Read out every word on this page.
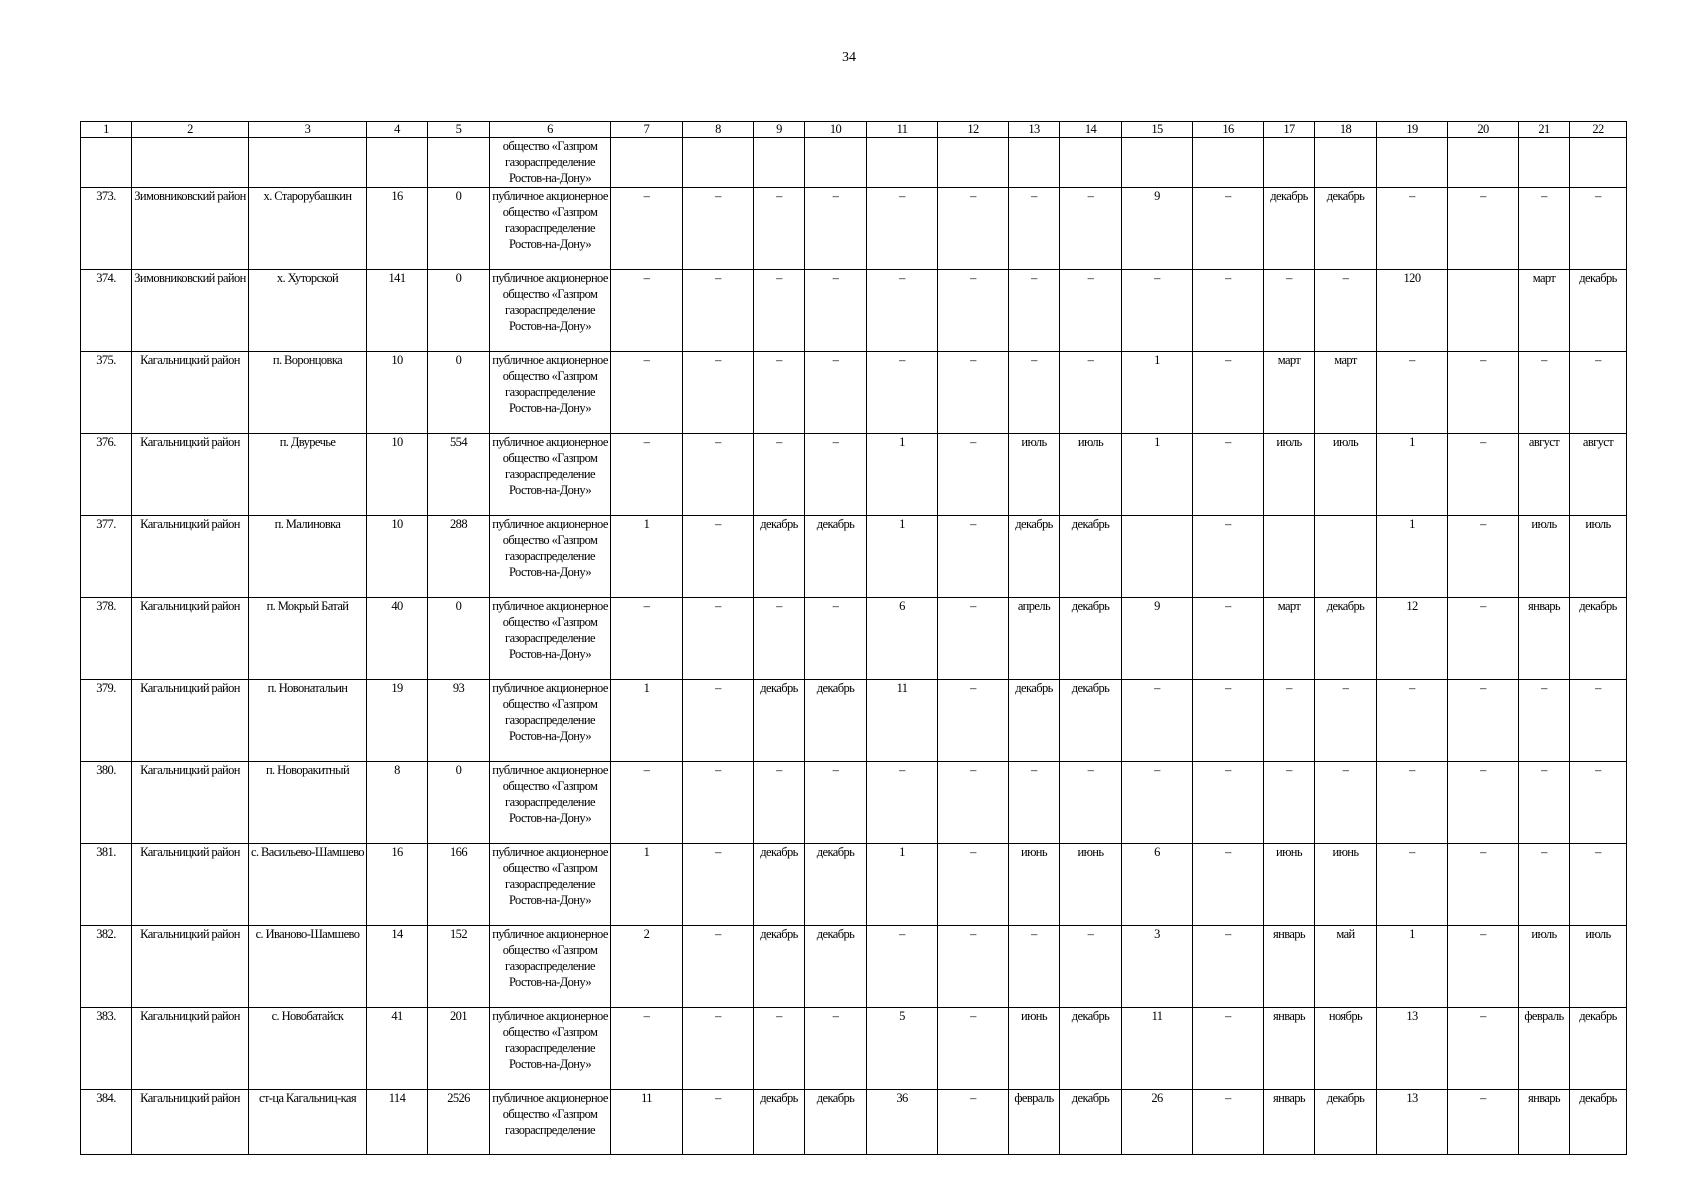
34
1	2	3	4	5	6	7	8	9	10	11	12	13	14	15	16	17	18	19	20	21	22
					общество «Газпром газораспределение Ростов-на-Дону»																
373.	Зимовниковский район	х. Старорубашкин	16	0	публичное акционерное общество «Газпром газораспределение Ростов-на-Дону»	–	–	–	–	–	–	–	–	9	–	декабрь	декабрь	–	–	–	–
374.	Зимовниковский район	х. Хуторской	141	0	публичное акционерное общество «Газпром газораспределение Ростов-на-Дону»	–	–	–	–	–	–	–	–	–	–	–	–	120		март	декабрь
375.	Кагальницкий район	п. Воронцовка	10	0	публичное акционерное общество «Газпром газораспределение Ростов-на-Дону»	–	–	–	–	–	–	–	–	1	–	март	март	–	–	–	–
376.	Кагальницкий район	п. Двуречье	10	554	публичное акционерное общество «Газпром газораспределение Ростов-на-Дону»	–	–	–	–	1	–	июль	июль	1	–	июль	июль	1	–	август	август
377.	Кагальницкий район	п. Малиновка	10	288	публичное акционерное общество «Газпром газораспределение Ростов-на-Дону»	1	–	декабрь	декабрь	1	–	декабрь	декабрь		–			1	–	июль	июль
378.	Кагальницкий район	п. Мокрый Батай	40	0	публичное акционерное общество «Газпром газораспределение Ростов-на-Дону»	–	–	–	–	6	–	апрель	декабрь	9	–	март	декабрь	12	–	январь	декабрь
379.	Кагальницкий район	п. Новонатальин	19	93	публичное акционерное общество «Газпром газораспределение Ростов-на-Дону»	1	–	декабрь	декабрь	11	–	декабрь	декабрь	–	–	–	–	–	–	–	–
380.	Кагальницкий район	п. Новоракитный	8	0	публичное акционерное общество «Газпром газораспределение Ростов-на-Дону»	–	–	–	–	–	–	–	–	–	–	–	–	–	–	–	–
381.	Кагальницкий район	с. Васильево-Шамшево	16	166	публичное акционерное общество «Газпром газораспределение Ростов-на-Дону»	1	–	декабрь	декабрь	1	–	июнь	июнь	6	–	июнь	июнь	–	–	–	–
382.	Кагальницкий район	с. Иваново-Шамшево	14	152	публичное акционерное общество «Газпром газораспределение Ростов-на-Дону»	2	–	декабрь	декабрь	–	–	–	–	3	–	январь	май	1	–	июль	июль
383.	Кагальницкий район	с. Новобатайск	41	201	публичное акционерное общество «Газпром газораспределение Ростов-на-Дону»	–	–	–	–	5	–	июнь	декабрь	11	–	январь	ноябрь	13	–	февраль	декабрь
384.	Кагальницкий район	ст-ца Кагальниц-кая	114	2526	публичное акционерное общество «Газпром газораспределение	11	–	декабрь	декабрь	36	–	февраль	декабрь	26	–	январь	декабрь	13	–	январь	декабрь
